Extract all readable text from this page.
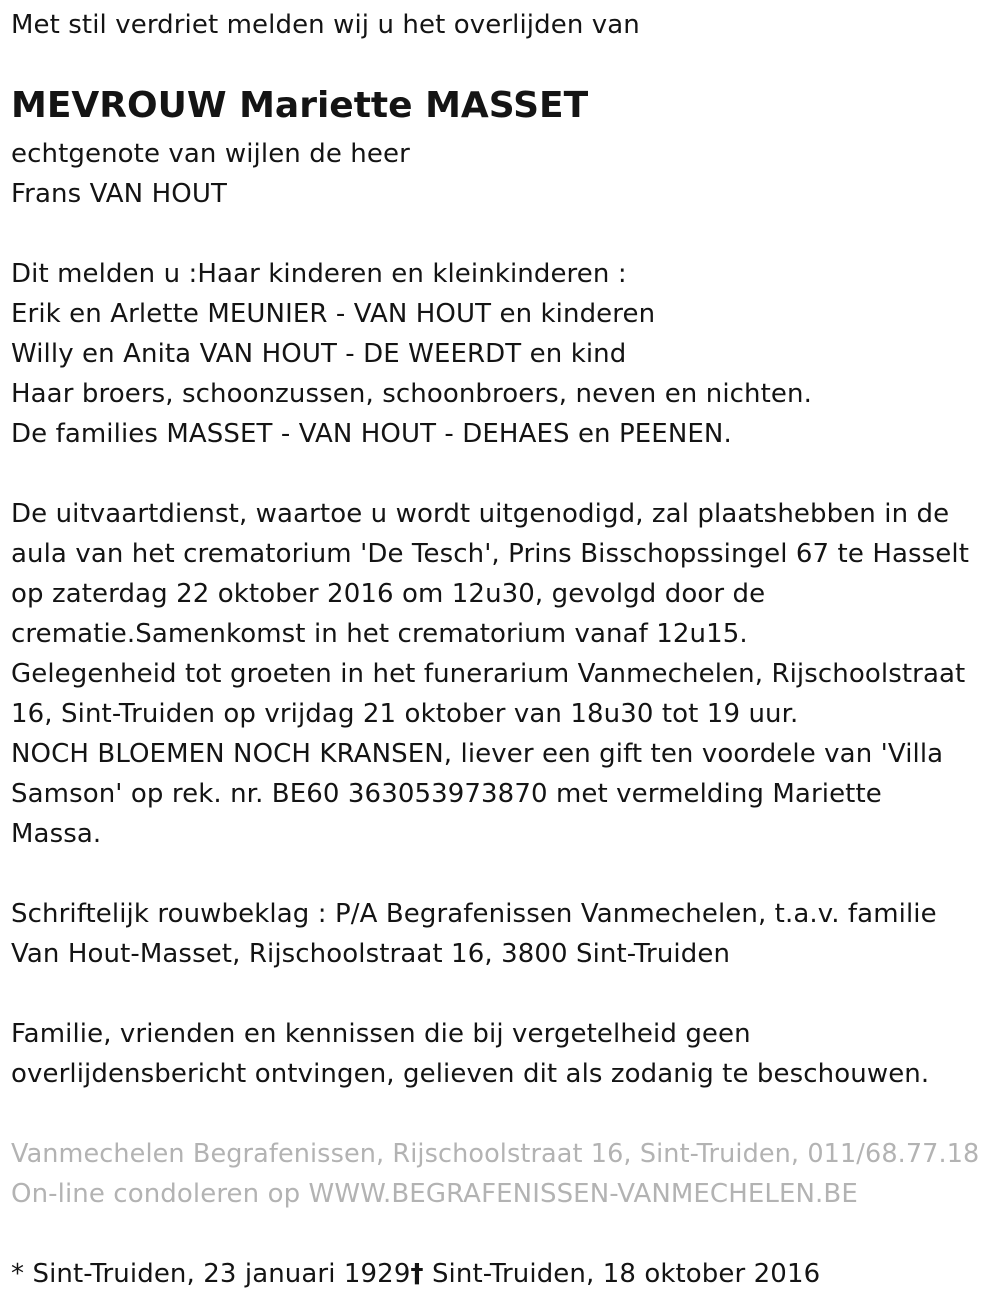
Met stil verdriet melden wij u het overlijden van
MEVROUW Mariette MASSET
echtgenote van wijlen de heer
Frans VAN HOUT
Dit melden u :Haar kinderen en kleinkinderen :
Erik en Arlette MEUNIER - VAN HOUT en kinderen
Willy en Anita VAN HOUT - DE WEERDT en kind
Haar broers, schoonzussen, schoonbroers, neven en nichten.
De families MASSET - VAN HOUT - DEHAES en PEENEN.
De uitvaartdienst, waartoe u wordt uitgenodigd, zal plaatshebben in de
aula van het crematorium 'De Tesch', Prins Bisschopssingel 67 te Hasselt
op zaterdag 22 oktober 2016 om 12u30, gevolgd door de
crematie.Samenkomst in het crematorium vanaf 12u15.
Gelegenheid tot groeten in het funerarium Vanmechelen, Rijschoolstraat
16, Sint-Truiden op vrijdag 21 oktober van 18u30 tot 19 uur.
NOCH BLOEMEN NOCH KRANSEN, liever een gift ten voordele van 'Villa
Samson' op rek. nr. BE60 363053973870 met vermelding Mariette
Massa.
Schriftelijk rouwbeklag : P/A Begrafenissen Vanmechelen, t.a.v. familie
Van Hout-Masset, Rijschoolstraat 16, 3800 Sint-Truiden
Familie, vrienden en kennissen die bij vergetelheid geen
overlijdensbericht ontvingen, gelieven dit als zodanig te beschouwen.
Vanmechelen Begrafenissen, Rijschoolstraat 16, Sint-Truiden, 011/68.77.18
On-line condoleren op WWW.BEGRAFENISSEN-VANMECHELEN.BE
* Sint-Truiden, 23 januari 1929† Sint-Truiden, 18 oktober 2016
